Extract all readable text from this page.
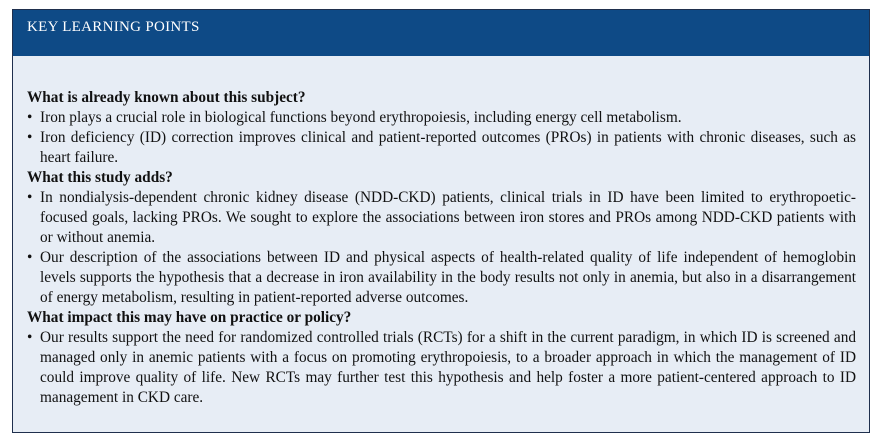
KEY LEARNING POINTS

What is already known about this subject?

• Iron plays a crucial role in biological functions beyond erythropoiesis, including energy cell metabolism.
• Iron deficiency (ID) correction improves clinical and patient-reported outcomes (PROs) in patients with chronic diseases, such as heart failure.

What this study adds?

• In nondialysis-dependent chronic kidney disease (NDD-CKD) patients, clinical trials in ID have been limited to erythropoetic-focused goals, lacking PROs. We sought to explore the associations between iron stores and PROs among NDD-CKD patients with or without anemia.
• Our description of the associations between ID and physical aspects of health-related quality of life independent of hemoglobin levels supports the hypothesis that a decrease in iron availability in the body results not only in anemia, but also in a disarrangement of energy metabolism, resulting in patient-reported adverse outcomes.

What impact this may have on practice or policy?

• Our results support the need for randomized controlled trials (RCTs) for a shift in the current paradigm, in which ID is screened and managed only in anemic patients with a focus on promoting erythropoiesis, to a broader approach in which the management of ID could improve quality of life. New RCTs may further test this hypothesis and help foster a more patient-centered approach to ID management in CKD care.
